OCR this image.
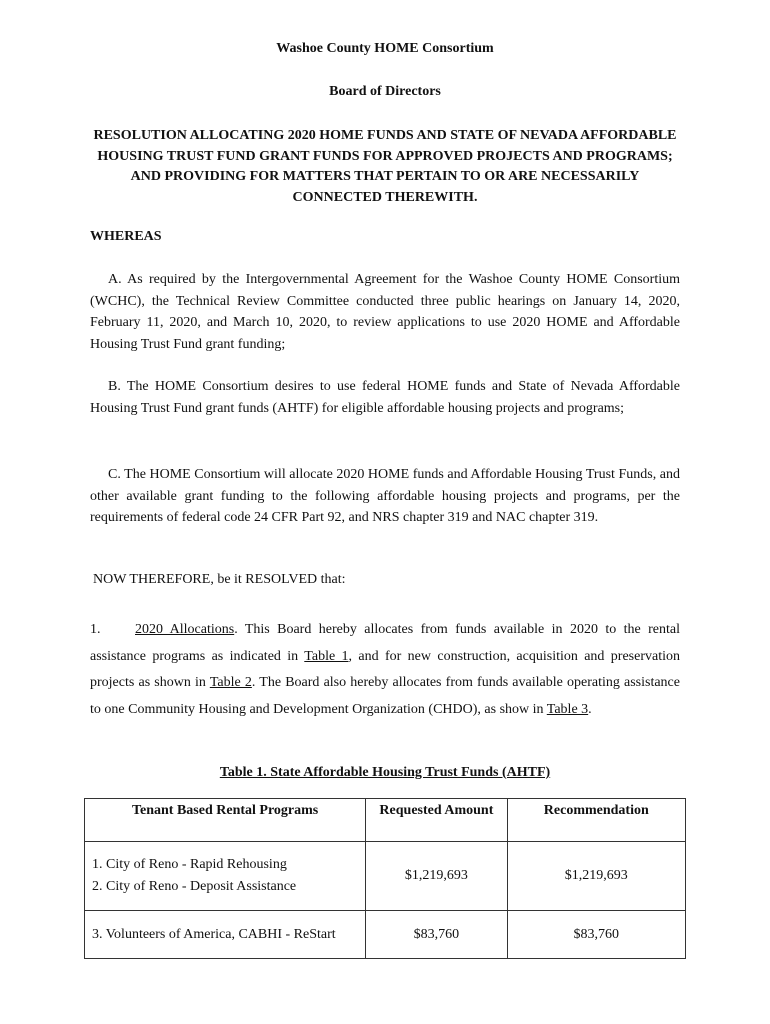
Washoe County HOME Consortium
Board of Directors
RESOLUTION ALLOCATING 2020 HOME FUNDS AND STATE OF NEVADA AFFORDABLE HOUSING TRUST FUND GRANT FUNDS FOR APPROVED PROJECTS AND PROGRAMS; AND PROVIDING FOR MATTERS THAT PERTAIN TO OR ARE NECESSARILY CONNECTED THEREWITH.
WHEREAS
A. As required by the Intergovernmental Agreement for the Washoe County HOME Consortium (WCHC), the Technical Review Committee conducted three public hearings on January 14, 2020, February 11, 2020, and March 10, 2020, to review applications to use 2020 HOME and Affordable Housing Trust Fund grant funding;
B. The HOME Consortium desires to use federal HOME funds and State of Nevada Affordable Housing Trust Fund grant funds (AHTF) for eligible affordable housing projects and programs;
C. The HOME Consortium will allocate 2020 HOME funds and Affordable Housing Trust Funds, and other available grant funding to the following affordable housing projects and programs, per the requirements of federal code 24 CFR Part 92, and NRS chapter 319 and NAC chapter 319.
NOW THEREFORE, be it RESOLVED that:
1. 2020 Allocations. This Board hereby allocates from funds available in 2020 to the rental assistance programs as indicated in Table 1, and for new construction, acquisition and preservation projects as shown in Table 2. The Board also hereby allocates from funds available operating assistance to one Community Housing and Development Organization (CHDO), as show in Table 3.
Table 1. State Affordable Housing Trust Funds (AHTF)
Tenant Based Rental Programs	Requested Amount	Recommendation

1. City of Reno - Rapid Rehousing
2. City of Reno - Deposit Assistance	$1,219,693	$1,219,693

3. Volunteers of America, CABHI - ReStart	$83,760	$83,760
